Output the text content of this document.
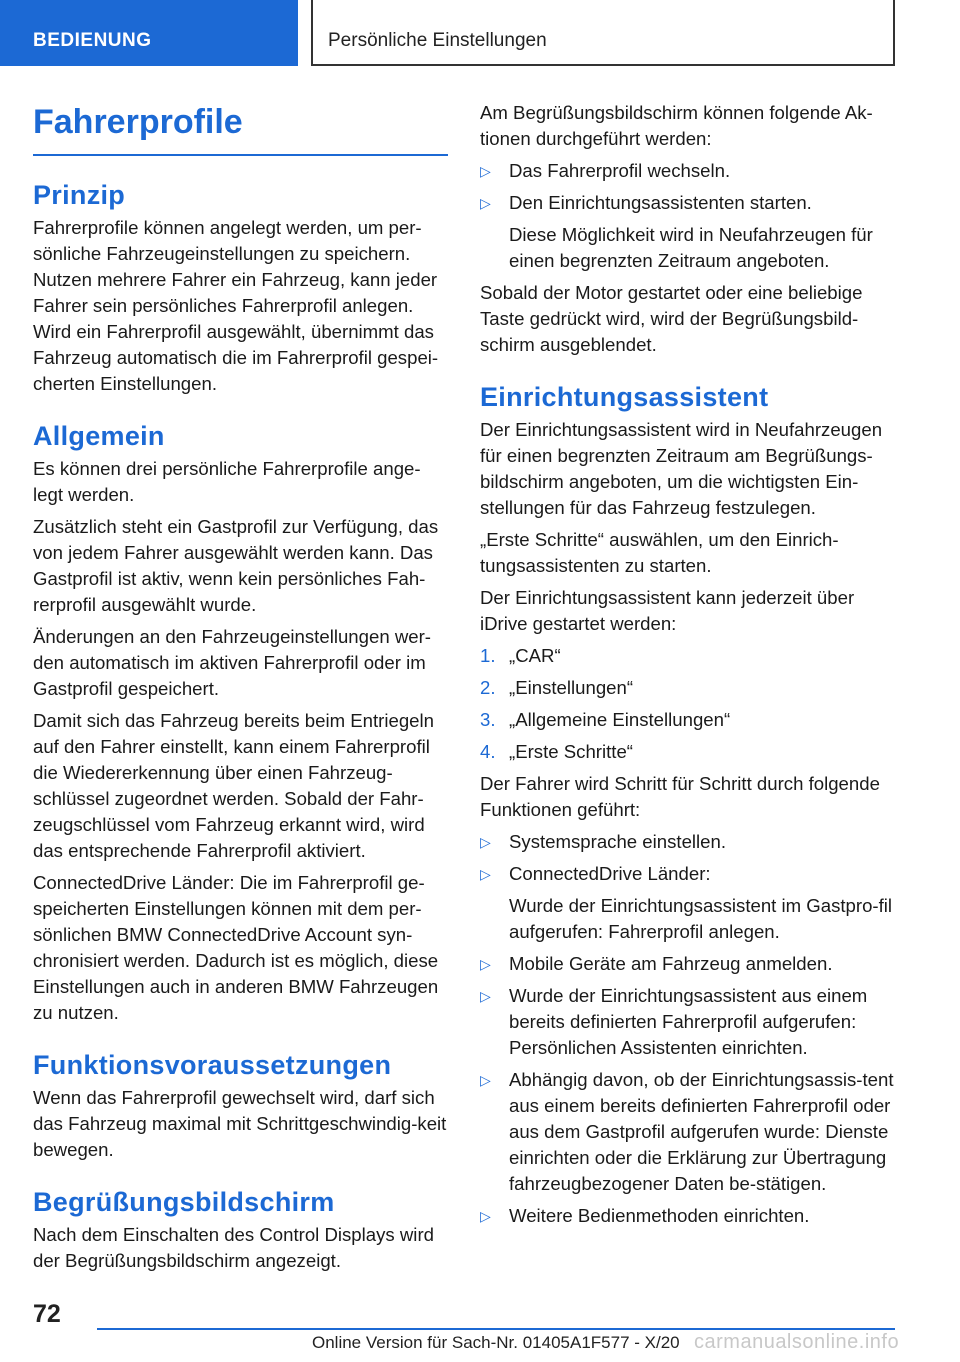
BEDIENUNG	Persönliche Einstellungen
Fahrerprofile
Prinzip

Fahrerprofile können angelegt werden, um per-sönliche Fahrzeugeinstellungen zu speichern. Nutzen mehrere Fahrer ein Fahrzeug, kann jeder Fahrer sein persönliches Fahrerprofil anlegen. Wird ein Fahrerprofil ausgewählt, übernimmt das Fahrzeug automatisch die im Fahrerprofil gespei-cherten Einstellungen.

Allgemein

Es können drei persönliche Fahrerprofile ange-legt werden.

Zusätzlich steht ein Gastprofil zur Verfügung, das von jedem Fahrer ausgewählt werden kann. Das Gastprofil ist aktiv, wenn kein persönliches Fah-rerprofil ausgewählt wurde.

Änderungen an den Fahrzeugeinstellungen wer-den automatisch im aktiven Fahrerprofil oder im Gastprofil gespeichert.

Damit sich das Fahrzeug bereits beim Entriegeln auf den Fahrer einstellt, kann einem Fahrerprofil die Wiedererkennung über einen Fahrzeug-schlüssel zugeordnet werden. Sobald der Fahr-zeugschlüssel vom Fahrzeug erkannt wird, wird das entsprechende Fahrerprofil aktiviert.

ConnectedDrive Länder: Die im Fahrerprofil ge-speicherten Einstellungen können mit dem per-sönlichen BMW ConnectedDrive Account syn-chronisiert werden. Dadurch ist es möglich, diese Einstellungen auch in anderen BMW Fahrzeugen zu nutzen.

Funktionsvoraussetzungen

Wenn das Fahrerprofil gewechselt wird, darf sich das Fahrzeug maximal mit Schrittgeschwindig-keit bewegen.

Begrüßungsbildschirm

Nach dem Einschalten des Control Displays wird der Begrüßungsbildschirm angezeigt.

Am Begrüßungsbildschirm können folgende Ak-tionen durchgeführt werden:

▷ Das Fahrerprofil wechseln.
▷ Den Einrichtungsassistenten starten.
Diese Möglichkeit wird in Neufahrzeugen für einen begrenzten Zeitraum angeboten.

Sobald der Motor gestartet oder eine beliebige Taste gedrückt wird, wird der Begrüßungsbild-schirm ausgeblendet.

Einrichtungsassistent

Der Einrichtungsassistent wird in Neufahrzeugen für einen begrenzten Zeitraum am Begrüßungs-bildschirm angeboten, um die wichtigsten Ein-stellungen für das Fahrzeug festzulegen.

„Erste Schritte“ auswählen, um den Einrich-tungsassistenten zu starten.

Der Einrichtungsassistent kann jederzeit über iDrive gestartet werden:

1. „CAR“
2. „Einstellungen“
3. „Allgemeine Einstellungen“
4. „Erste Schritte“

Der Fahrer wird Schritt für Schritt durch folgende Funktionen geführt:

▷ Systemsprache einstellen.
▷ ConnectedDrive Länder:
Wurde der Einrichtungsassistent im Gastpro-fil aufgerufen: Fahrerprofil anlegen.
▷ Mobile Geräte am Fahrzeug anmelden.
▷ Wurde der Einrichtungsassistent aus einem bereits definierten Fahrerprofil aufgerufen: Persönlichen Assistenten einrichten.
▷ Abhängig davon, ob der Einrichtungsassis-tent aus einem bereits definierten Fahrerprofil oder aus dem Gastprofil aufgerufen wurde: Dienste einrichten oder die Erklärung zur Übertragung fahrzeugbezogener Daten be-stätigen.
▷ Weitere Bedienmethoden einrichten.
72
Online Version für Sach-Nr. 01405A1F577 - X/20 carmanualsonline.info
